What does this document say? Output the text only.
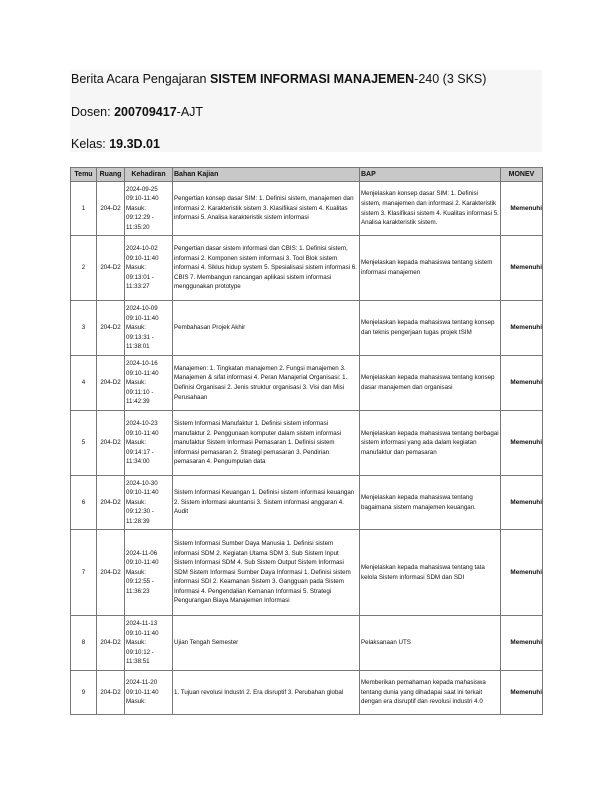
Berita Acara Pengajaran SISTEM INFORMASI MANAJEMEN-240 (3 SKS)
Dosen: 200709417-AJT
Kelas: 19.3D.01
Temu	Ruang	Kehadiran	Bahan Kajian	BAP	MONEV
1	204-D2	2024-09-25 09:10-11:40 Masuk: 09:12:29 - 11:35:20	Pengertian konsep dasar SIM: 1. Definisi sistem, manajemen dan informasi 2. Karakteristik sistem 3. Klasifikasi sistem 4. Kualitas informasi 5. Analisa karakteristik sistem informasi	Menjelaskan konsep dasar SIM: 1. Definisi sistem, manajemen dan informasi 2. Karakteristik sistem 3. Klasifikasi sistem 4. Kualitas informasi 5. Analisa karakteristik sistem.	Memenuhi
2	204-D2	2024-10-02 09:10-11:40 Masuk: 09:13:01 - 11:33:27	Pengertian dasar sistem informasi dan CBIS: 1. Definisi sistem, informasi 2. Komponen sistem informasi 3. Tool Blok sistem informasi 4. Siklus hidup system 5. Spesialisasi sistem informasi 6. CBIS 7. Membangun rancangan aplikasi sistem informasi menggunakan prototype	Menjelaskan kepada mahasiswa tentang sistem informasi manajemen	Memenuhi
3	204-D2	2024-10-09 09:10-11:40 Masuk: 09:13:31 - 11:38:01	Pembahasan Projek Akhir	Menjelaskan kepada mahasiswa tentang konsep dan teknis pengerjaan tugas projek tSIM	Memenuhi
4	204-D2	2024-10-16 09:10-11:40 Masuk: 09:11:10 - 11:42:39	Manajemen: 1. Tingkatan manajemen 2. Fungsi manajemen 3. Manajemen & sifat informasi 4. Peran Manajerial Organisasi: 1. Definisi Organisasi 2. Jenis struktur organisasi 3. Visi dan Misi Perusahaan	Menjelaskan kepada mahasiswa tentang konsep dasar manajemen dan organisasi	Memenuhi
5	204-D2	2024-10-23 09:10-11:40 Masuk: 09:14:17 - 11:34:00	Sistem Informasi Manufaktur 1. Definisi sistem informasi manufaktur 2. Penggunaan komputer dalam sistem informasi manufaktur Sistem Informasi Pemasaran 1. Definisi sistem informasi pemasaran 2. Strategi pemasaran 3. Pendirian pemasaran 4. Pengumpulan data	Menjelaskan kepada mahasiswa tentang berbagai sistem informasi yang ada dalam kegiatan manufaktur dan pemasaran	Memenuhi
6	204-D2	2024-10-30 09:10-11:40 Masuk: 09:12:30 - 11:28:39	Sistem Informasi Keuangan 1. Definisi sistem informasi keuangan 2. Sistem informasi akuntansi 3. Sistem informasi anggaran 4. Audit	Menjelaskan kepada mahasiswa tentang bagaimana sistem manajemen keuangan.	Memenuhi
7	204-D2	2024-11-06 09:10-11:40 Masuk: 09:12:55 - 11:36:23	Sistem Informasi Sumber Daya Manusia 1. Definisi sistem informasi SDM 2. Kegiatan Utama SDM 3. Sub Sistem Input Sistem Informasi SDM 4. Sub Sistem Output Sistem Informasi SDM Sistem Informasi Sumber Daya Informasi 1. Definisi sistem informasi SDI 2. Keamanan Sistem 3. Gangguan pada Sistem Informasi 4. Pengendalian Kemanan Informasi 5. Strategi Pengurangan Biaya Manajemen Informasi	Menjelaskan kepada mahasiswa tentang tata kelola Sistem informasi SDM dan SDI	Memenuhi
8	204-D2	2024-11-13 09:10-11:40 Masuk: 09:10:12 - 11:38:51	Ujian Tengah Semester	Pelaksanaan UTS	Memenuhi
9	204-D2	2024-11-20 09:10-11:40 Masuk:	1. Tujuan revolusi Industri 2. Era disruptif 3. Perubahan global	Memberikan pemahaman kepada mahasiswa tentang dunia yang dihadapai saat ini terkait dengan era disruptif dan revolusi industri 4.0	Memenuhi
